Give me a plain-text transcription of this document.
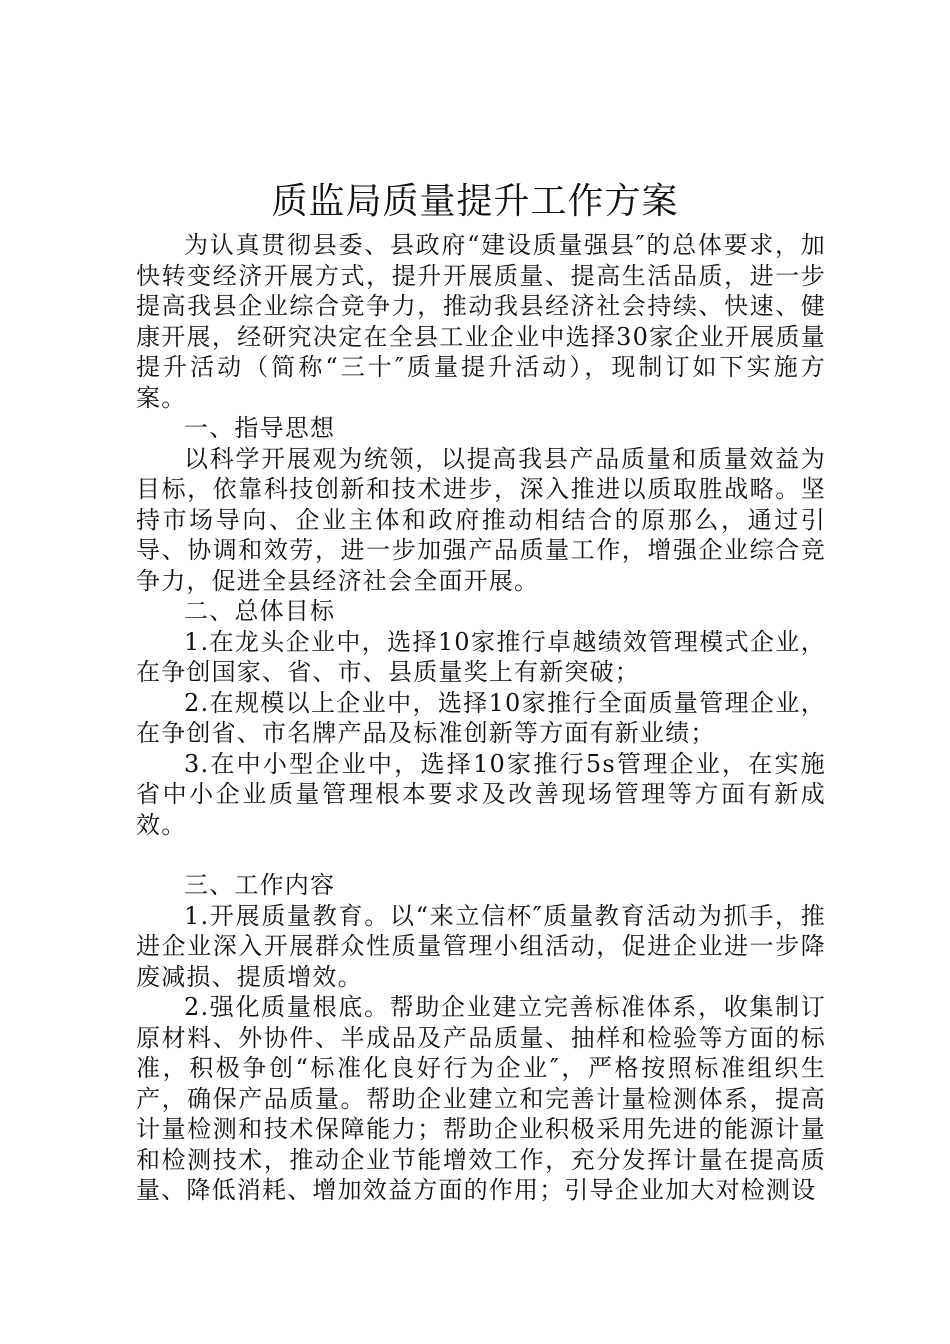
质监局质量提升工作方案

为认真贯彻县委、县政府“建设质量强县″的总体要求，加快转变经济开展方式，提升开展质量、提高生活品质，进一步提高我县企业综合竞争力，推动我县经济社会持续、快速、健康开展，经研究决定在全县工业企业中选择30家企业开展质量提升活动（简称“三十″质量提升活动），现制订如下实施方案。

一、指导思想

以科学开展观为统领，以提高我县产品质量和质量效益为目标，依靠科技创新和技术进步，深入推进以质取胜战略。坚持市场导向、企业主体和政府推动相结合的原那么，通过引导、协调和效劳，进一步加强产品质量工作，增强企业综合竞争力，促进全县经济社会全面开展。

二、总体目标

1.在龙头企业中，选择10家推行卓越绩效管理模式企业，在争创国家、省、市、县质量奖上有新突破；

2.在规模以上企业中，选择10家推行全面质量管理企业，在争创省、市名牌产品及标准创新等方面有新业绩；

3.在中小型企业中，选择10家推行5s管理企业，在实施省中小企业质量管理根本要求及改善现场管理等方面有新成效。

三、工作内容

1.开展质量教育。以“来立信杯″质量教育活动为抓手，推进企业深入开展群众性质量管理小组活动，促进企业进一步降废减损、提质增效。

2.强化质量根底。帮助企业建立完善标准体系，收集制订原材料、外协件、半成品及产品质量、抽样和检验等方面的标准，积极争创“标准化良好行为企业″，严格按照标准组织生产，确保产品质量。帮助企业建立和完善计量检测体系，提高计量检测和技术保障能力；帮助企业积极采用先进的能源计量和检测技术，推动企业节能增效工作，充分发挥计量在提高质量、降低消耗、增加效益方面的作用；引导企业加大对检测设
